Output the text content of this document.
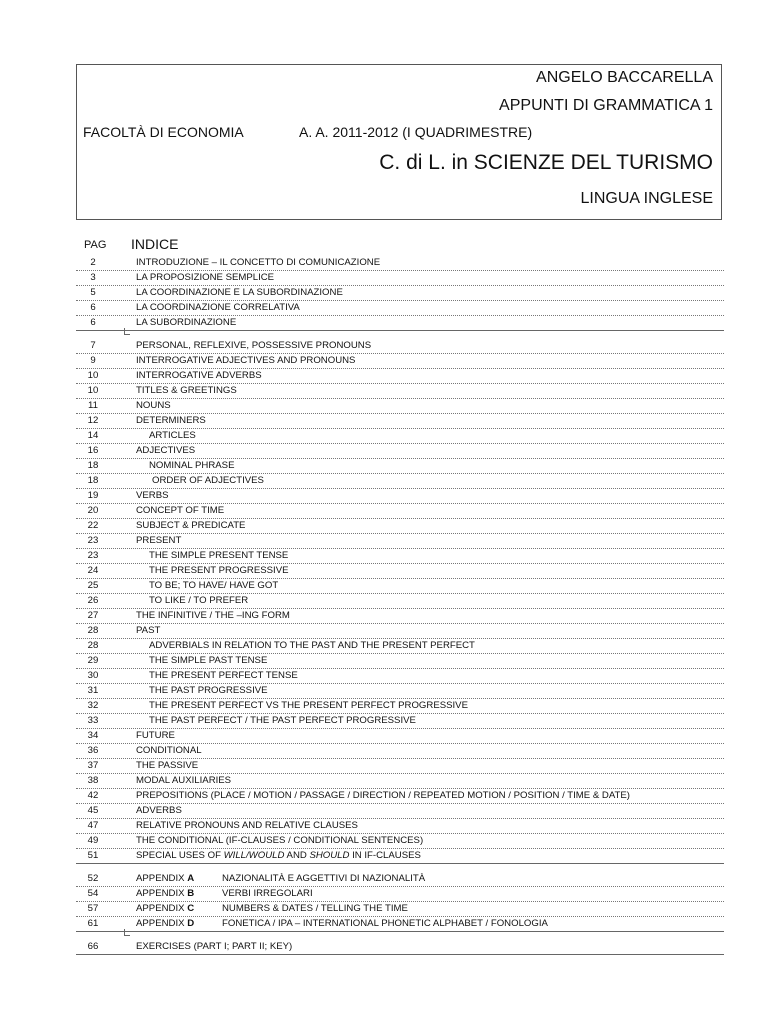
ANGELO BACCARELLA
APPUNTI DI GRAMMATICA 1
FACOLTÀ DI ECONOMIA	A. A. 2011-2012 (I QUADRIMESTRE)
C. di L. in SCIENZE DEL TURISMO
LINGUA INGLESE
PAG INDICE
2	INTRODUZIONE – IL CONCETTO DI COMUNICAZIONE
3	LA PROPOSIZIONE SEMPLICE
5	LA COORDINAZIONE E LA SUBORDINAZIONE
6	LA COORDINAZIONE CORRELATIVA
6	LA SUBORDINAZIONE
7	PERSONAL, REFLEXIVE, POSSESSIVE PRONOUNS
9	INTERROGATIVE ADJECTIVES AND PRONOUNS
10	INTERROGATIVE ADVERBS
10	TITLES & GREETINGS
11	NOUNS
12	DETERMINERS
14	ARTICLES
16	ADJECTIVES
18	NOMINAL PHRASE
18	ORDER OF ADJECTIVES
19	VERBS
20	CONCEPT OF TIME
22	SUBJECT & PREDICATE
23	PRESENT
23	THE SIMPLE PRESENT TENSE
24	THE PRESENT PROGRESSIVE
25	TO BE; TO HAVE/ HAVE GOT
26	TO LIKE / TO PREFER
27	THE INFINITIVE / THE –ING FORM
28	PAST
28	ADVERBIALS IN RELATION TO THE PAST AND THE PRESENT PERFECT
29	THE SIMPLE PAST TENSE
30	THE PRESENT PERFECT TENSE
31	THE PAST PROGRESSIVE
32	THE PRESENT PERFECT VS THE PRESENT PERFECT PROGRESSIVE
33	THE PAST PERFECT / THE PAST PERFECT PROGRESSIVE
34	FUTURE
36	CONDITIONAL
37	THE PASSIVE
38	MODAL AUXILIARIES
42	PREPOSITIONS (PLACE / MOTION / PASSAGE / DIRECTION / REPEATED MOTION / POSITION / TIME & DATE)
45	ADVERBS
47	RELATIVE PRONOUNS AND RELATIVE CLAUSES
49	THE CONDITIONAL (IF-CLAUSES / CONDITIONAL SENTENCES)
51	SPECIAL USES OF WILL/WOULD AND SHOULD IN IF-CLAUSES
52	APPENDIX A	NAZIONALITÀ E AGGETTIVI DI NAZIONALITÀ
54	APPENDIX B	VERBI IRREGOLARI
57	APPENDIX C	NUMBERS & DATES / TELLING THE TIME
61	APPENDIX D	FONETICA / IPA – INTERNATIONAL PHONETIC ALPHABET / FONOLOGIA
66	EXERCISES (PART I; PART II; KEY)
